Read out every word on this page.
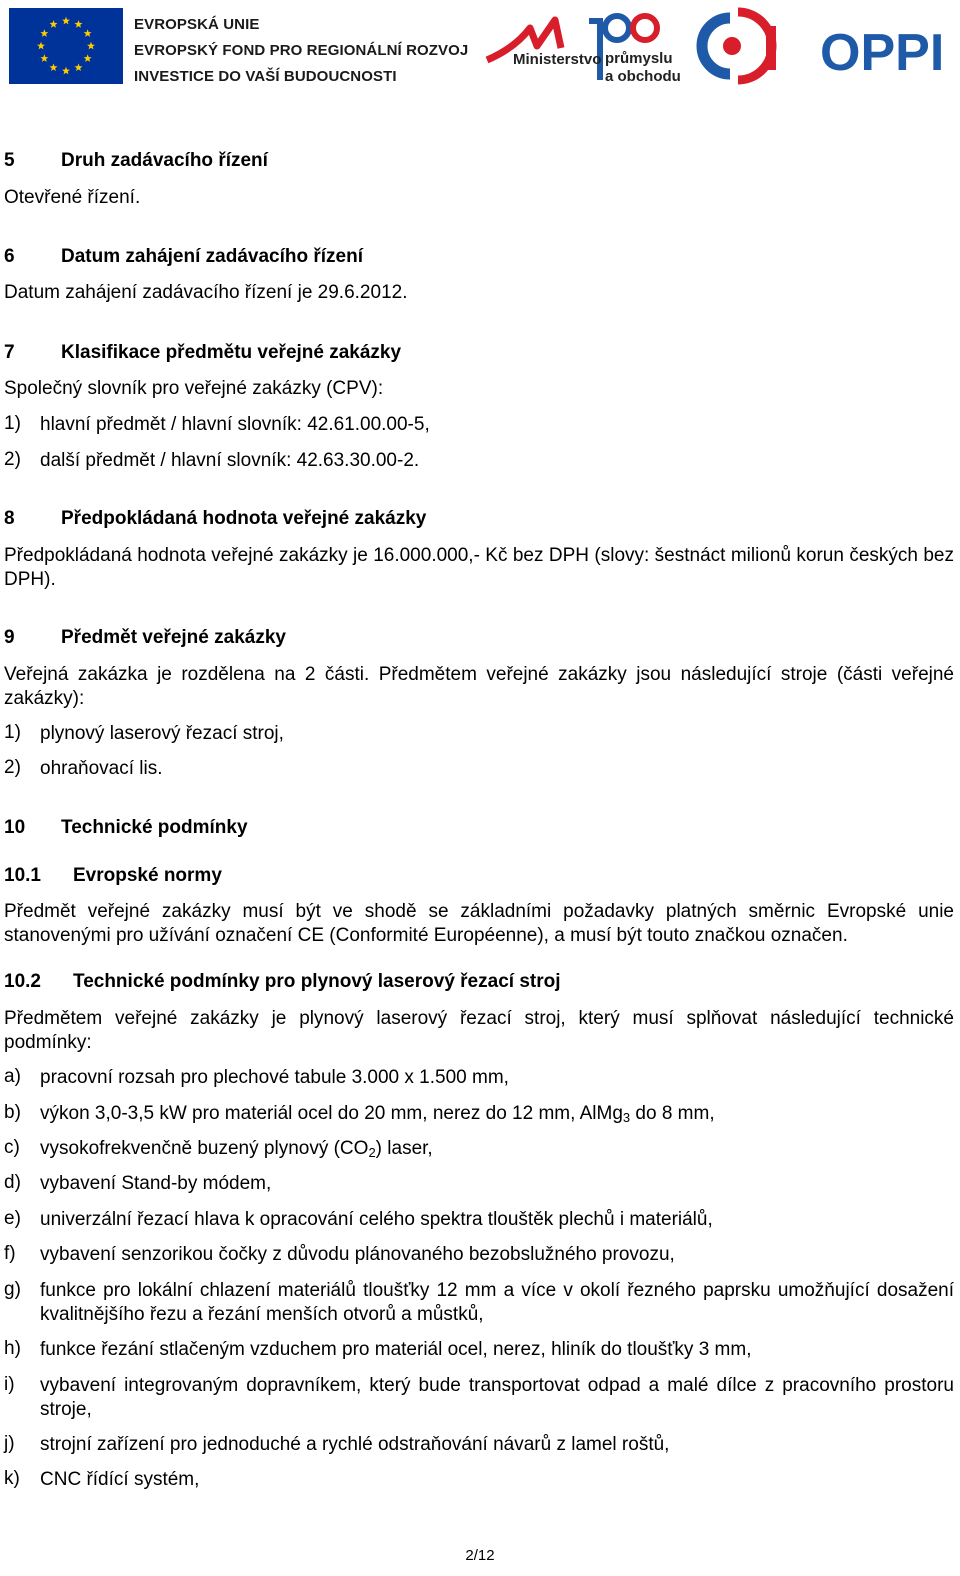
EVROPSKÁ UNIE
EVROPSKÝ FOND PRO REGIONÁLNÍ ROZVOJ
INVESTICE DO VAŠÍ BUDOUCNOSTI
Ministerstvo průmyslu
a obchodu	OPPI
5 Druh zadávacího řízení
Otevřené řízení.
6 Datum zahájení zadávacího řízení
Datum zahájení zadávacího řízení je 29.6.2012.
7 Klasifikace předmětu veřejné zakázky
Společný slovník pro veřejné zakázky (CPV):
1) hlavní předmět / hlavní slovník: 42.61.00.00-5,
2) další předmět / hlavní slovník: 42.63.30.00-2.
8 Předpokládaná hodnota veřejné zakázky
Předpokládaná hodnota veřejné zakázky je 16.000.000,- Kč bez DPH (slovy: šestnáct milionů korun českých bez DPH).
9 Předmět veřejné zakázky
Veřejná zakázka je rozdělena na 2 části. Předmětem veřejné zakázky jsou následující stroje (části veřejné zakázky):
1) plynový laserový řezací stroj,
2) ohraňovací lis.
10 Technické podmínky
10.1 Evropské normy
Předmět veřejné zakázky musí být ve shodě se základními požadavky platných směrnic Evropské unie stanovenými pro užívání označení CE (Conformité Européenne), a musí být touto značkou označen.
10.2 Technické podmínky pro plynový laserový řezací stroj
Předmětem veřejné zakázky je plynový laserový řezací stroj, který musí splňovat následující technické podmínky:
a) pracovní rozsah pro plechové tabule 3.000 x 1.500 mm,
b) výkon 3,0-3,5 kW pro materiál ocel do 20 mm, nerez do 12 mm, AlMg$_3$ do 8 mm,
c) vysokofrekvenčně buzený plynový $(CO_2)$ laser,
d) vybavení Stand-by módem,
e) univerzální řezací hlava k opracování celého spektra tlouštěk plechů i materiálů,
f) vybavení senzorikou čočky z důvodu plánovaného bezobslužného provozu,
g) funkce pro lokální chlazení materiálů tloušťky 12 mm a více v okolí řezného paprsku umožňující dosažení kvalitnějšího řezu a řezání menších otvorů a můstků,
h) funkce řezání stlačeným vzduchem pro materiál ocel, nerez, hliník do tloušťky 3 mm,
i) vybavení integrovaným dopravníkem, který bude transportovat odpad a malé dílce z pracovního prostoru stroje,
j) strojní zařízení pro jednoduché a rychlé odstraňování návarů z lamel roštů,
k) CNC řídící systém,
2/12
